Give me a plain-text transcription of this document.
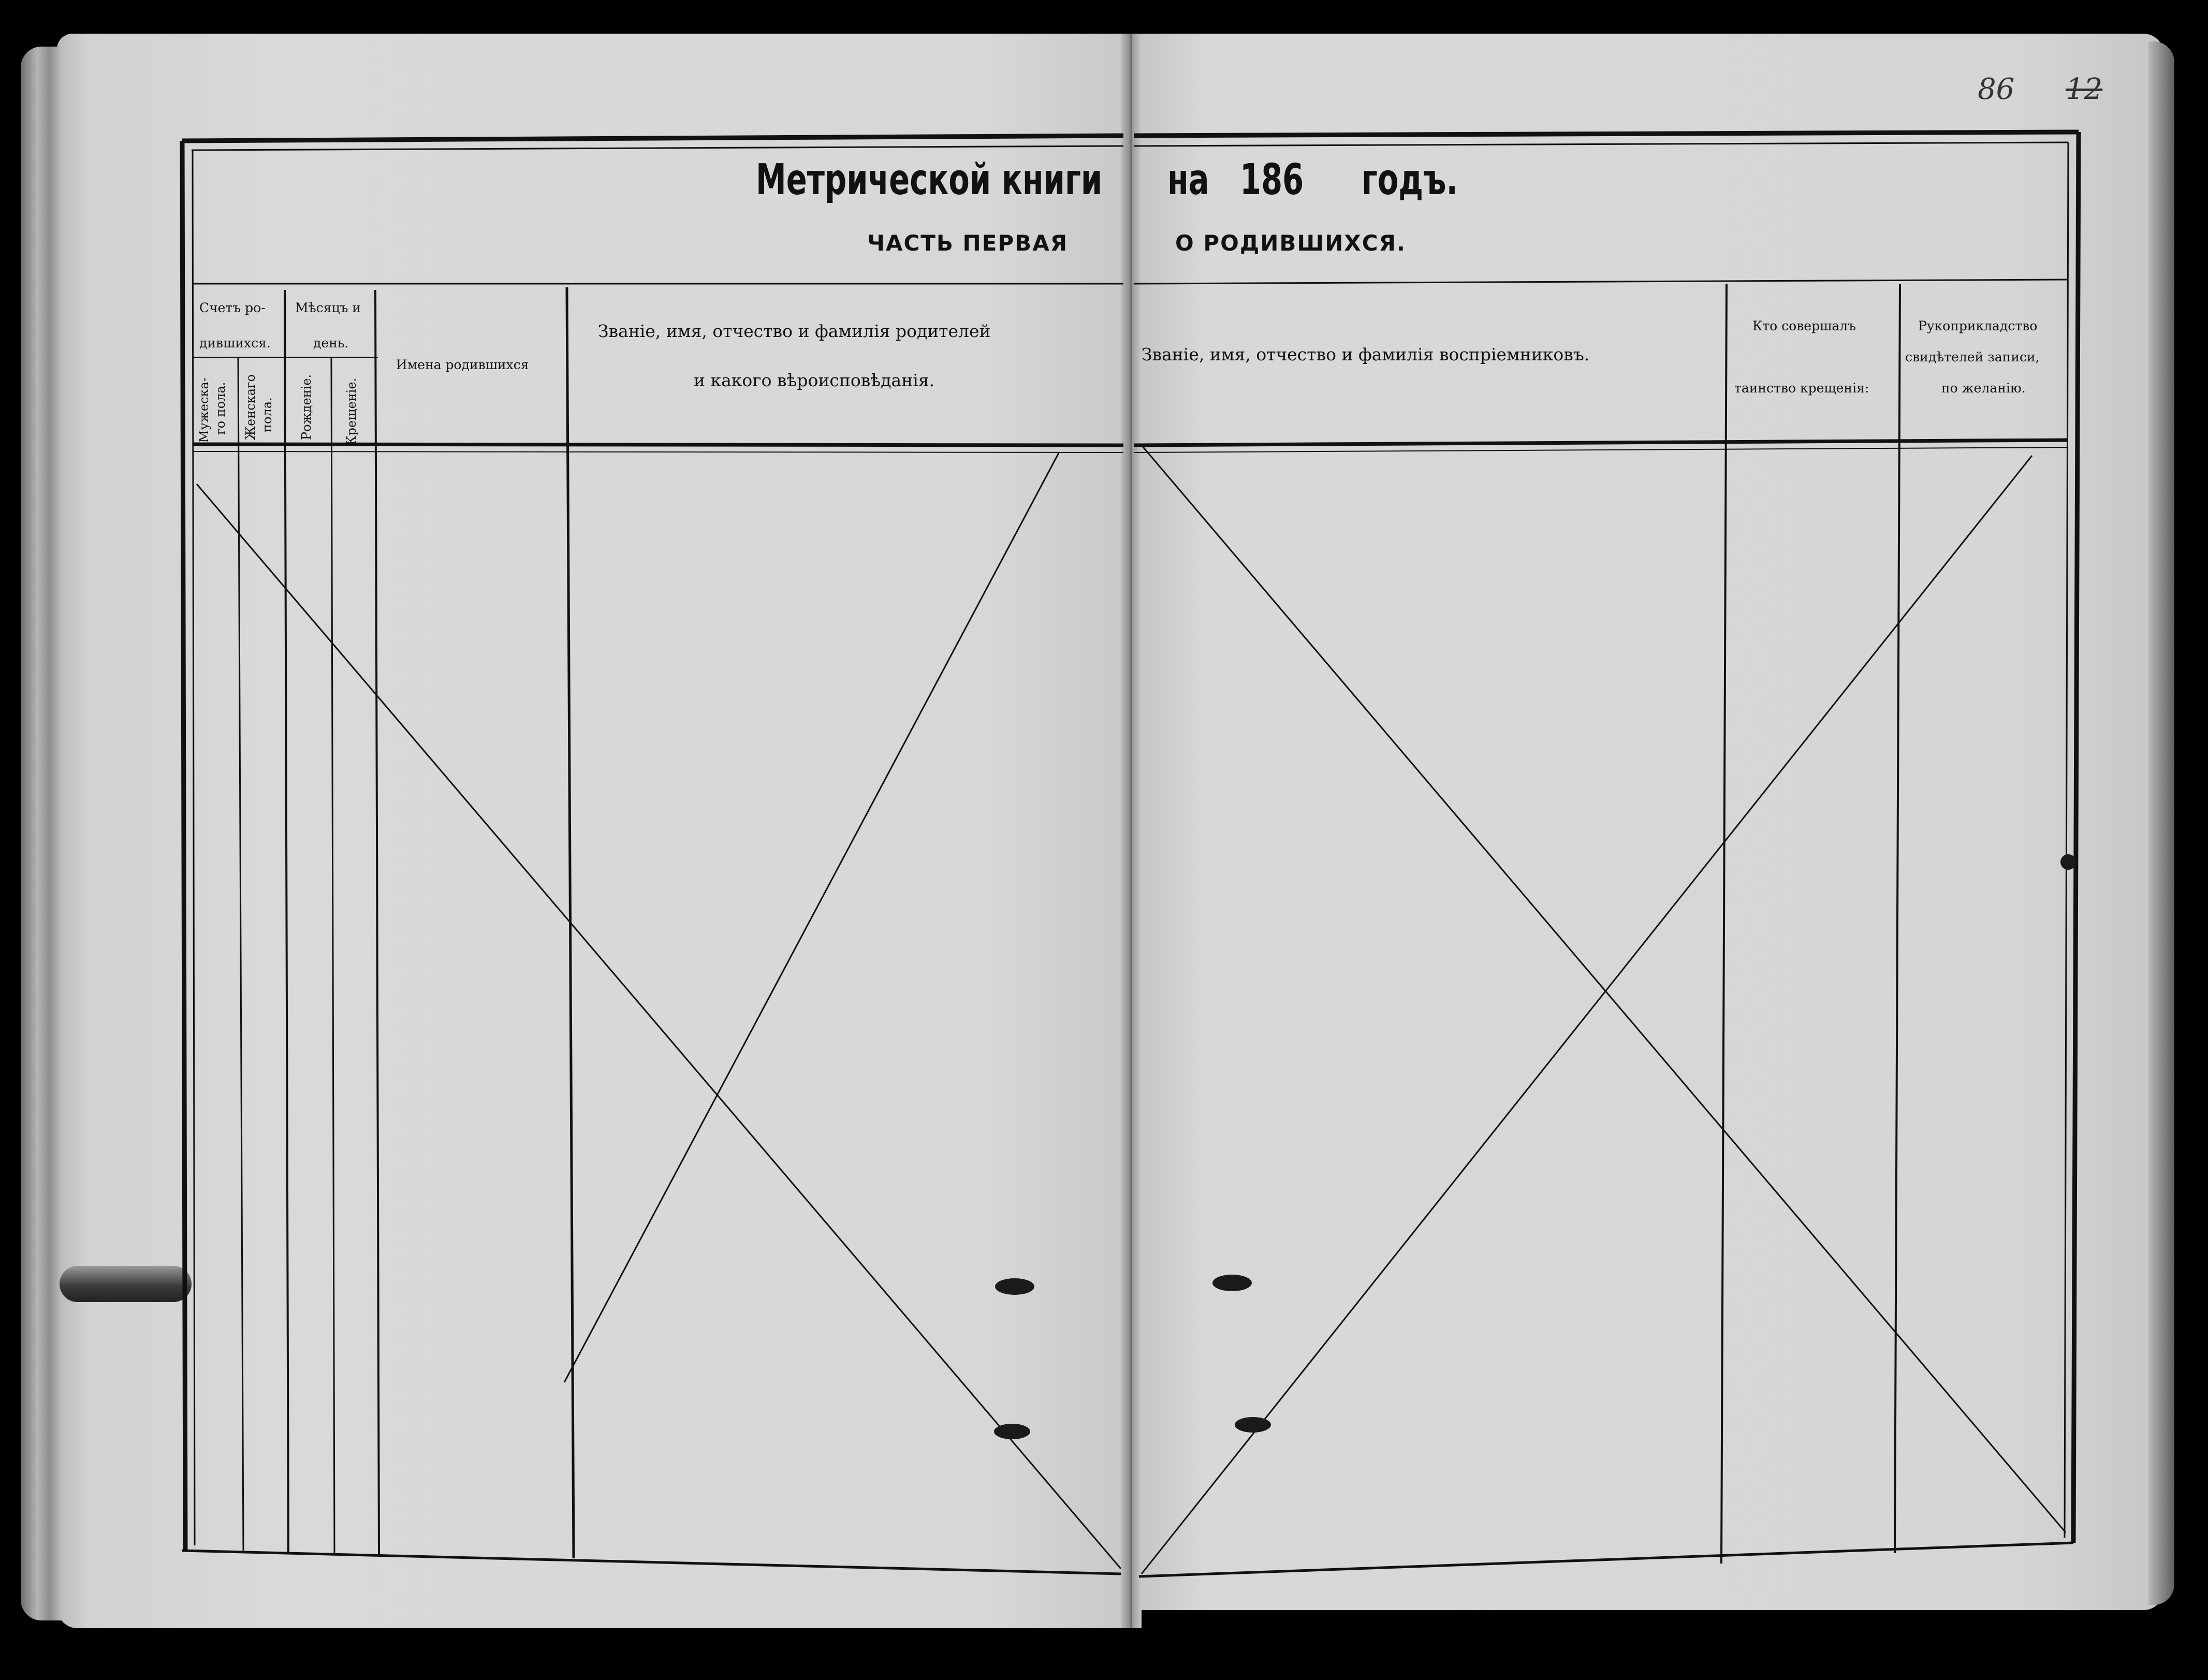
86 12
Метрической книги на 186 годъ.
ЧАСТЬ ПЕРВАЯ	О РОДИВШИХСЯ.
Счетъ ро-
дившихся.
Мужеска- го пола. Женскаго пола.
Мѣсяцъ и
день.
Рожденіе. Крещеніе.
Имена родившихся
Званіе, имя, отчество и фамилія родителей
и какого вѣроисповѣданія.
Званіе, имя, отчество и фамилія воспріемниковъ.
Кто совершалъ
таинство крещенія:
Рукоприкладство
свидѣтелей записи,
по желанію.
